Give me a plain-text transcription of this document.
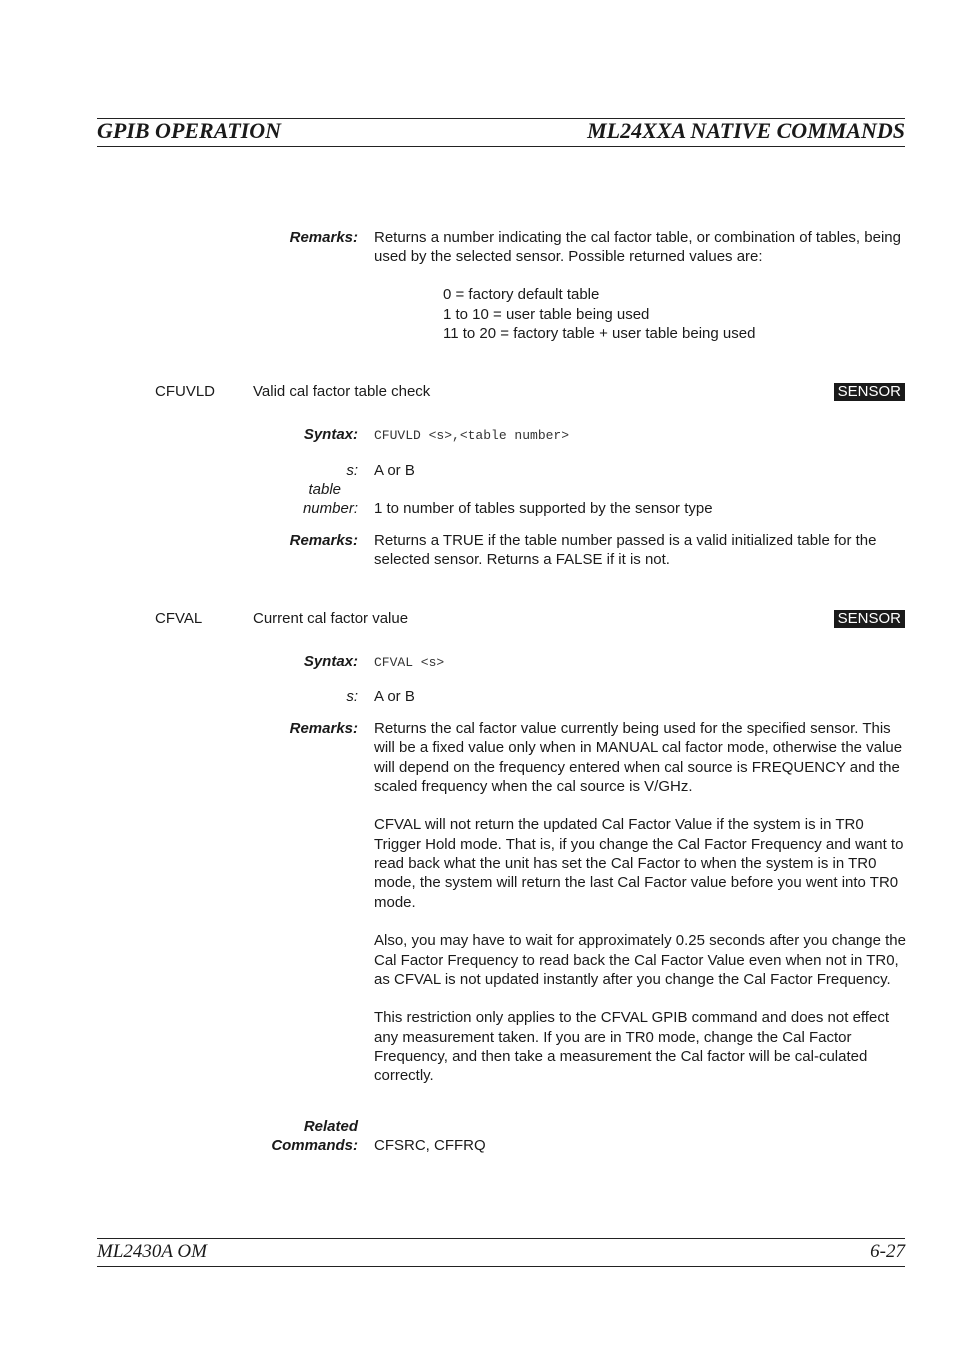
GPIB OPERATION	ML24XXA NATIVE COMMANDS
Remarks: Returns a number indicating the cal factor table, or combination of tables, being used by the selected sensor. Possible returned values are:
0 = factory default table
1 to 10 = user table being used
11 to 20 = factory table + user table being used
CFUVLD	Valid cal factor table check	SENSOR
Syntax: CFUVLD <s>,<table number>
s: A or B
table
number: 1 to number of tables supported by the sensor type
Remarks: Returns a TRUE if the table number passed is a valid initialized table for the selected sensor. Returns a FALSE if it is not.
CFVAL	Current cal factor value	SENSOR
Syntax: CFVAL <s>
s: A or B
Remarks: Returns the cal factor value currently being used for the specified sensor. This will be a fixed value only when in MANUAL cal factor mode, otherwise the value will depend on the frequency entered when cal source is FREQUENCY and the scaled frequency when the cal source is V/GHz.

CFVAL will not return the updated Cal Factor Value if the system is in TR0 Trigger Hold mode. That is, if you change the Cal Factor Frequency and want to read back what the unit has set the Cal Factor to when the system is in TR0 mode, the system will return the last Cal Factor value before you went into TR0 mode.

Also, you may have to wait for approximately 0.25 seconds after you change the Cal Factor Frequency to read back the Cal Factor Value even when not in TR0, as CFVAL is not updated instantly after you change the Cal Factor Frequency.

This restriction only applies to the CFVAL GPIB command and does not effect any measurement taken. If you are in TR0 mode, change the Cal Factor Frequency, and then take a measurement the Cal factor will be cal-culated correctly.

Related
Commands: CFSRC, CFFRQ
ML2430A OM	6-27
